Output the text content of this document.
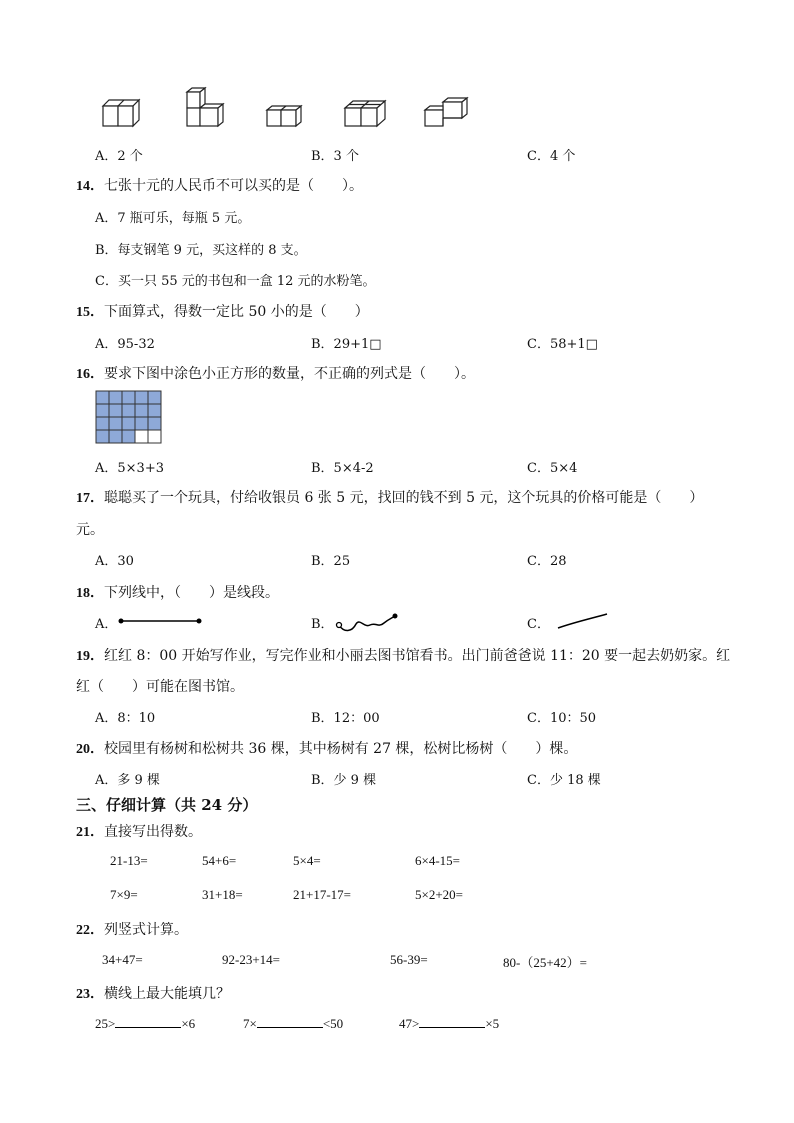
A．2 个	B．3 个	C．4 个
14．七张十元的人民币不可以买的是（　　）。
A．7 瓶可乐，每瓶 5 元。
B．每支钢笔 9 元，买这样的 8 支。
C．买一只 55 元的书包和一盒 12 元的水粉笔。
15．下面算式，得数一定比 50 小的是（　　）
A．95-32	B．29+1□	C．58+1□
16．要求下图中涂色小正方形的数量，不正确的列式是（　　）。
A．5×3+3	B．5×4-2	C．5×4
17．聪聪买了一个玩具，付给收银员 6 张 5 元，找回的钱不到 5 元，这个玩具的价格可能是（　　）
元。
A．30	B．25	C．28
18．下列线中，（　　）是线段。
A．	B．	C．
19．红红 8：00 开始写作业，写完作业和小丽去图书馆看书。出门前爸爸说 11：20 要一起去奶奶家。红
红（　　）可能在图书馆。
A．8：10	B．12：00	C．10：50
20．校园里有杨树和松树共 36 棵，其中杨树有 27 棵，松树比杨树（　　）棵。
A．多 9 棵	B．少 9 棵	C．少 18 棵
三、仔细计算（共 24 分）
21．直接写出得数。
21-13=	54+6=	5×4=	6×4-15=
7×9=	31+18=	21+17-17=	5×2+20=
22．列竖式计算。
34+47=	92-23+14=	56-39=	80-（25+42）=
23．横线上最大能填几？
25>	×6	7×	<50	47>	×5
